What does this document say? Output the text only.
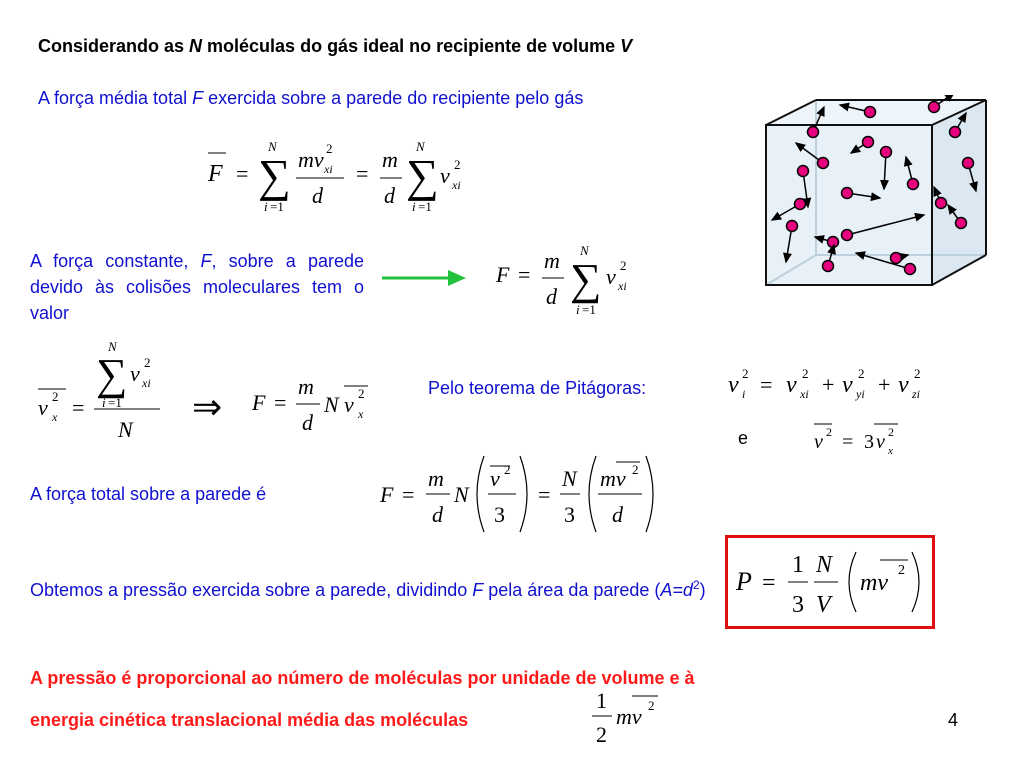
Considerando as N moléculas do gás ideal no recipiente de volume V
A força média total F exercida sobre a parede do recipiente pelo gás
F =
N
∑
i =1
mv 2
xi
d
=
m
d
N
∑
i =1
v 2
xi
A força constante, F, sobre a parede devido às colisões moleculares tem o valor
F =
m
d
N
∑
i =1
v 2
xi
v 2
x =
N
∑
i =1
v 2
xi
N
⇒ F =
m
d
N v 2
x
Pelo teorema de Pitágoras:	v 2
i = v 2
xi + v 2
yi + v 2
zi
e	v 2 = 3 v 2
x
A força total sobre a parede é	F =
m
d
N
v 2
3
=
N
3
mv 2
d
Obtemos a pressão exercida sobre a parede, dividindo F pela área da parede $(A=d^2)$	P =
1
3
N
V
mv 2
A pressão é proporcional ao número de moléculas por unidade de volume e à
energia cinética translacional média das moléculas
1
2
mv 2
4
